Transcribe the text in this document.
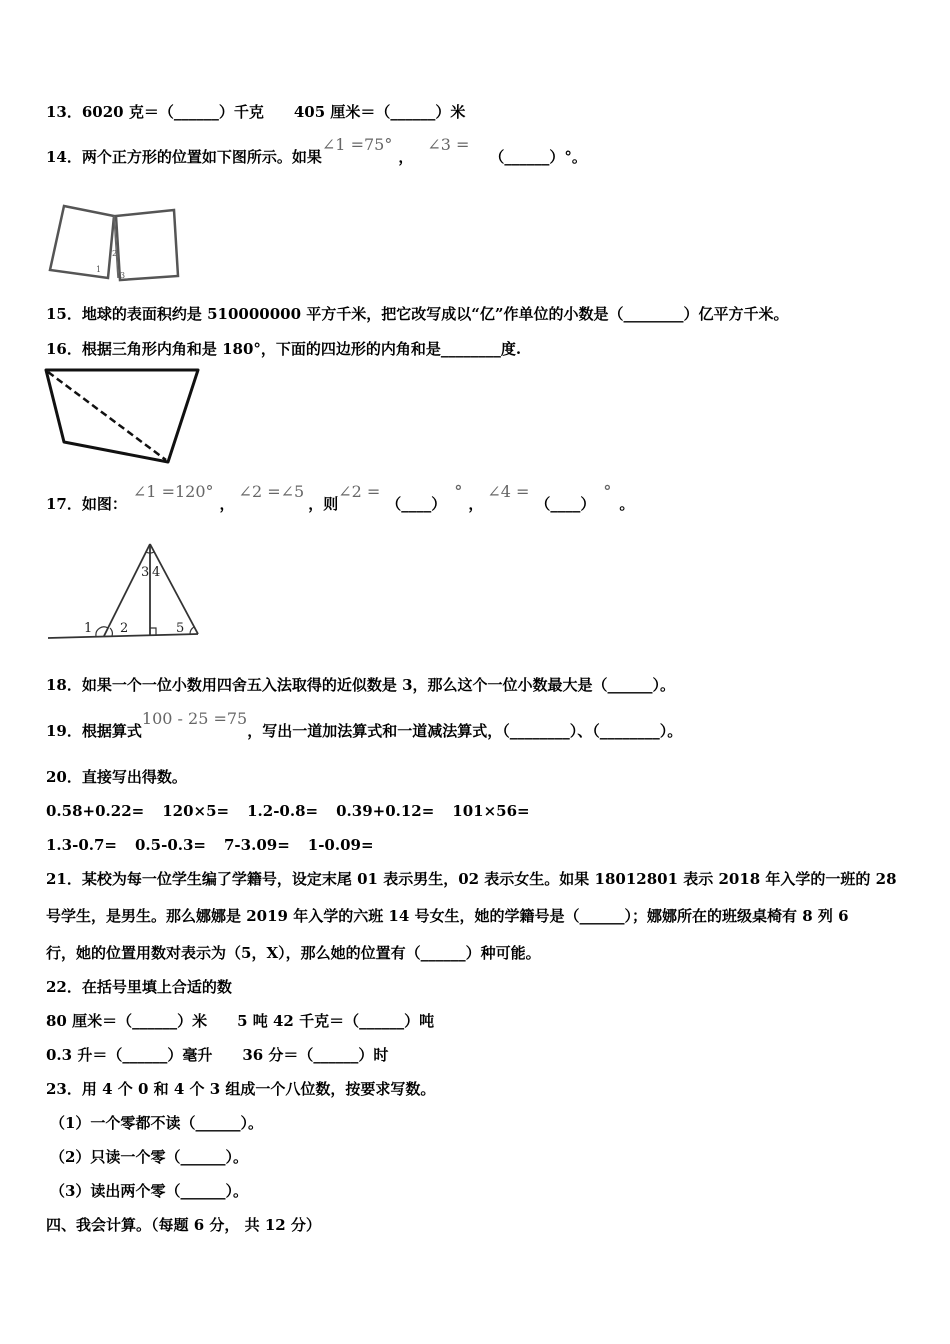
13．6020 克＝（______）千克 405 厘米＝（______）米
14．两个正方形的位置如下图所示。如果∠1 =75°，∠3 =（______）°。
1
2
3
15．地球的表面积约是 510000000 平方千米，把它改写成以“亿”作单位的小数是（________）亿平方千米。
16．根据三角形内角和是 180°，下面的四边形的内角和是________度.
17．如图：∠1 =120°，∠2 =∠5，则∠2 =（____）°，∠4 =（____）°。
3 4
1 2	5
18．如果一个一位小数用四舍五入法取得的近似数是 3，那么这个一位小数最大是（______）。
19．根据算式100 - 25 =75，写出一道加法算式和一道减法算式，（________）、（________）。
20．直接写出得数。
0.58+0.22= 120×5= 1.2-0.8= 0.39+0.12= 101×56=
1.3-0.7= 0.5-0.3= 7-3.09= 1-0.09=
21．某校为每一位学生编了学籍号，设定末尾 01 表示男生，02 表示女生。如果 18012801 表示 2018 年入学的一班的 28
号学生，是男生。那么娜娜是 2019 年入学的六班 14 号女生，她的学籍号是（______）；娜娜所在的班级桌椅有 8 列 6
行，她的位置用数对表示为（5，X），那么她的位置有（______）种可能。
22．在括号里填上合适的数
80 厘米＝（______）米 5 吨 42 千克＝（______）吨
0.3 升＝（______）毫升 36 分＝（______）时
23．用 4 个 0 和 4 个 3 组成一个八位数，按要求写数。
（1）一个零都不读（______）。
（2）只读一个零（______）。
（3）读出两个零（______）。
四、我会计算。（每题 6 分， 共 12 分）
